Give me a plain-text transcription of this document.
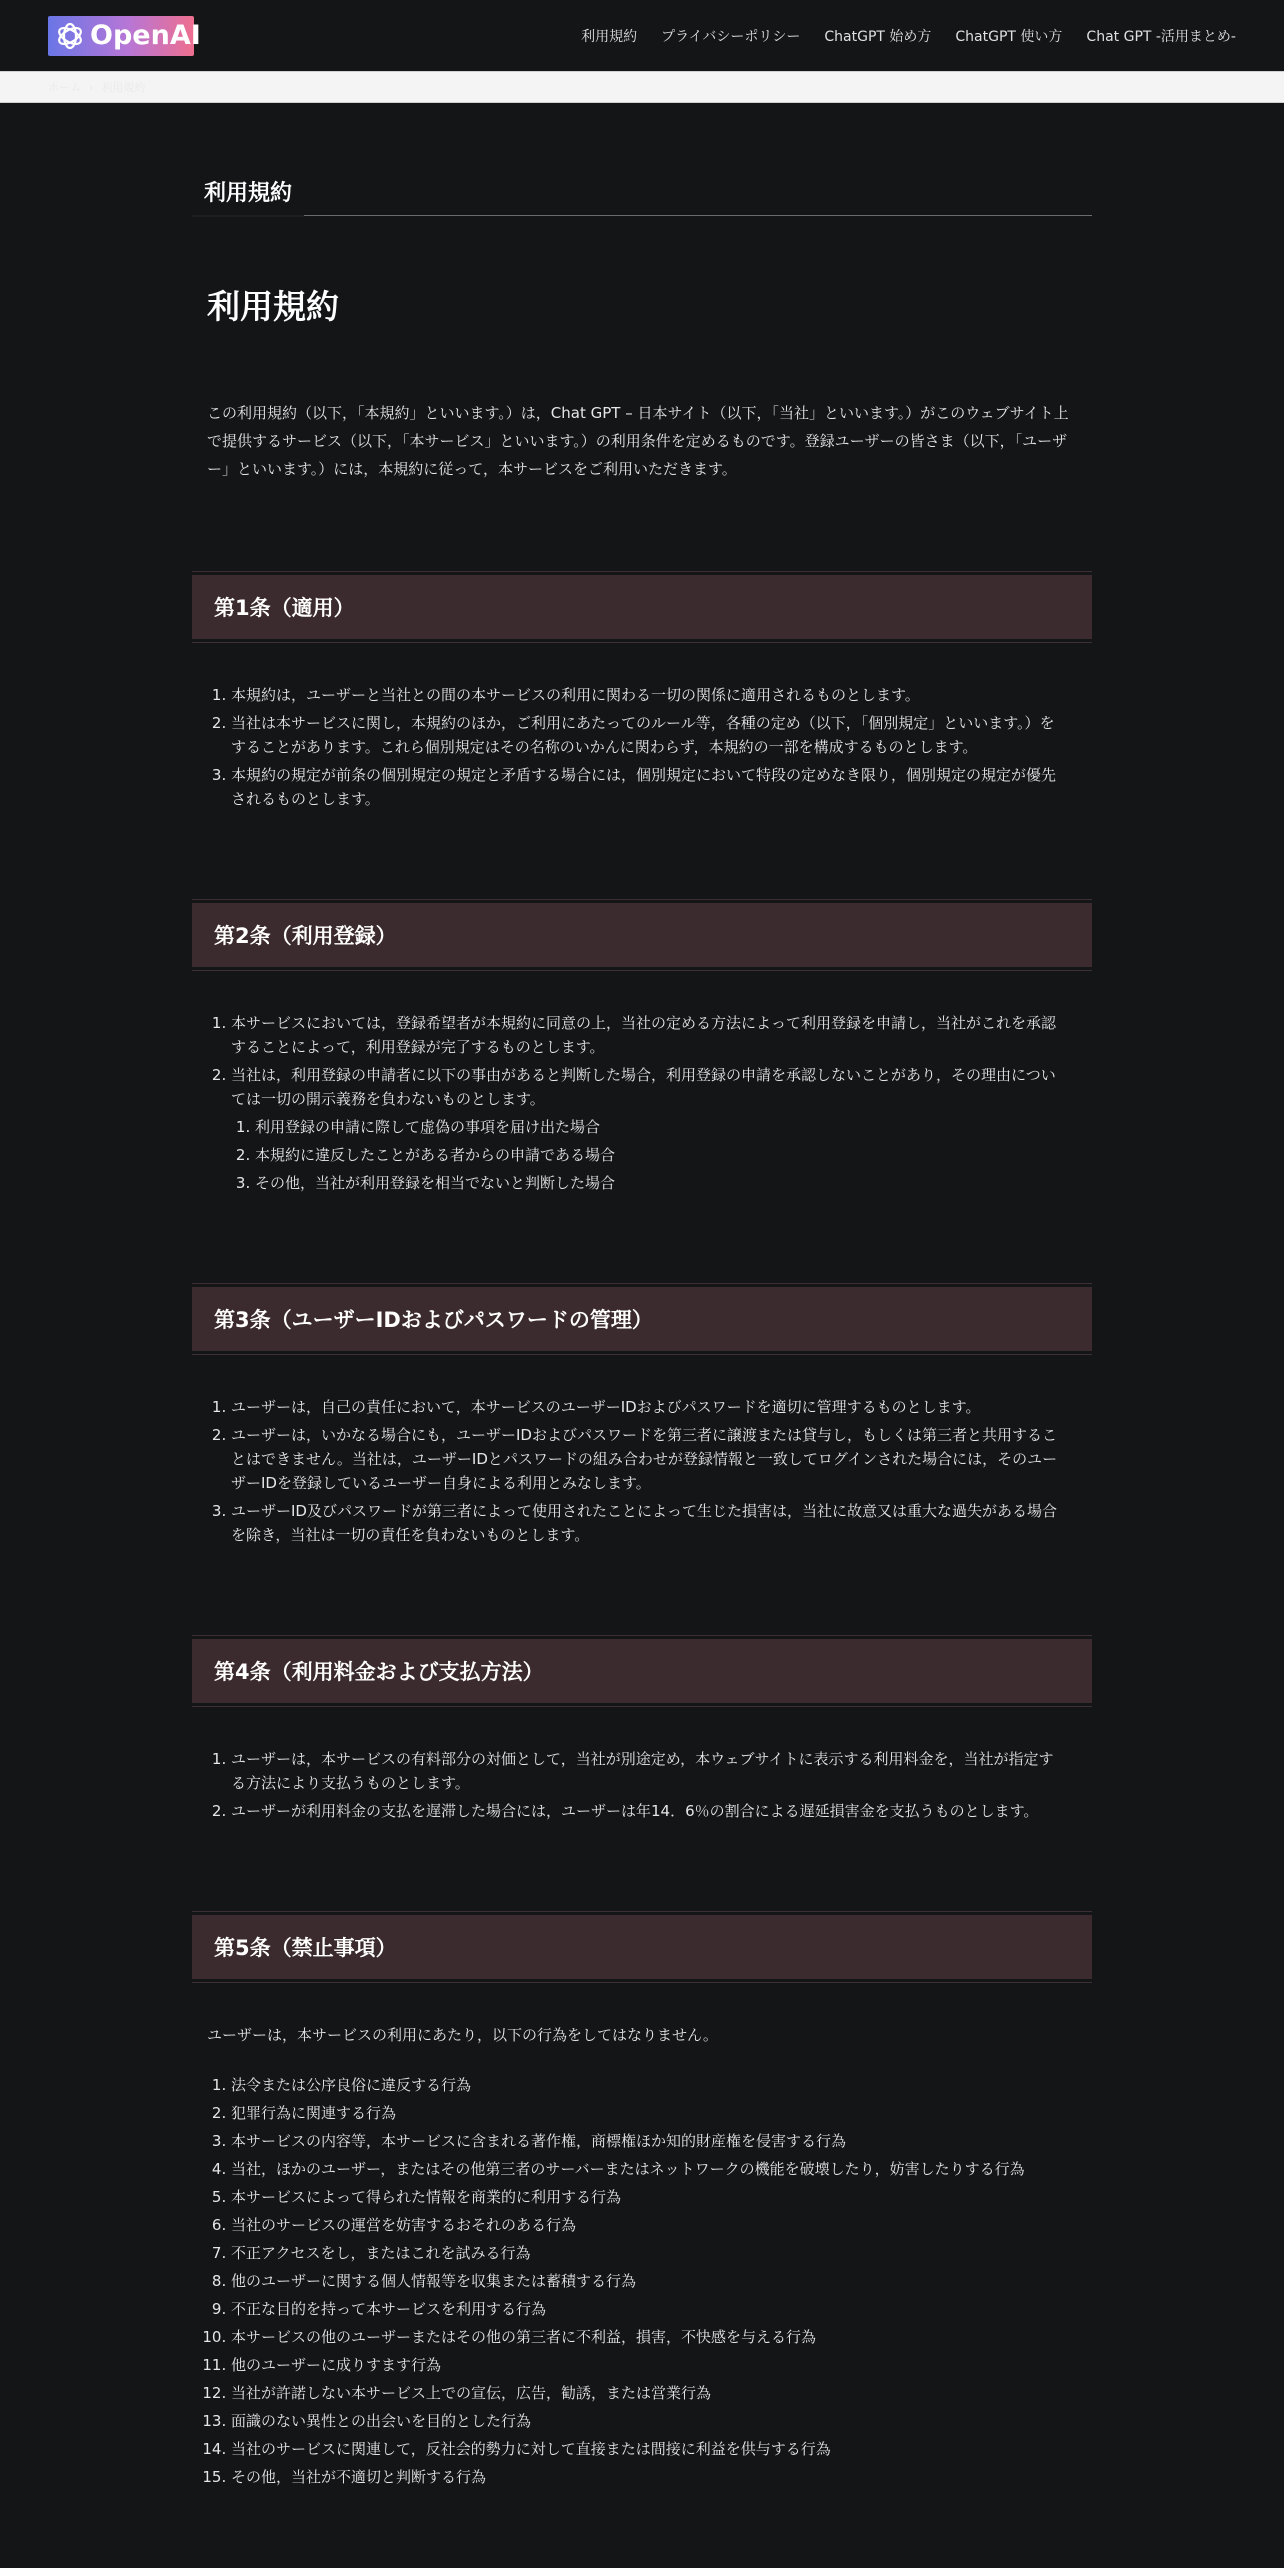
OpenAI	利用規約 プライバシーポリシー ChatGPT 始め方 ChatGPT 使い方 Chat GPT -活用まとめ-
ホーム › 利用規約
利用規約
利用規約

この利用規約（以下，「本規約」といいます。）は，Chat GPT – 日本サイト（以下，「当社」といいます。）がこのウェブサイト上で提供するサービス（以下，「本サービス」といいます。）の利用条件を定めるものです。登録ユーザーの皆さま（以下，「ユーザー」といいます。）には，本規約に従って，本サービスをご利用いただきます。

第1条（適用）
1. 本規約は，ユーザーと当社との間の本サービスの利用に関わる一切の関係に適用されるものとします。
2. 当社は本サービスに関し，本規約のほか，ご利用にあたってのルール等，各種の定め（以下，「個別規定」といいます。）をすることがあります。これら個別規定はその名称のいかんに関わらず，本規約の一部を構成するものとします。
3. 本規約の規定が前条の個別規定の規定と矛盾する場合には，個別規定において特段の定めなき限り，個別規定の規定が優先されるものとします。
第2条（利用登録）
1. 本サービスにおいては，登録希望者が本規約に同意の上，当社の定める方法によって利用登録を申請し，当社がこれを承認することによって，利用登録が完了するものとします。
2. 当社は，利用登録の申請者に以下の事由があると判断した場合，利用登録の申請を承認しないことがあり，その理由については一切の開示義務を負わないものとします。
1. 利用登録の申請に際して虚偽の事項を届け出た場合
2. 本規約に違反したことがある者からの申請である場合
3. その他，当社が利用登録を相当でないと判断した場合
第3条（ユーザーIDおよびパスワードの管理）
1. ユーザーは，自己の責任において，本サービスのユーザーIDおよびパスワードを適切に管理するものとします。
2. ユーザーは，いかなる場合にも，ユーザーIDおよびパスワードを第三者に譲渡または貸与し，もしくは第三者と共用することはできません。当社は，ユーザーIDとパスワードの組み合わせが登録情報と一致してログインされた場合には，そのユーザーIDを登録しているユーザー自身による利用とみなします。
3. ユーザーID及びパスワードが第三者によって使用されたことによって生じた損害は，当社に故意又は重大な過失がある場合を除き，当社は一切の責任を負わないものとします。
第4条（利用料金および支払方法）
1. ユーザーは，本サービスの有料部分の対価として，当社が別途定め，本ウェブサイトに表示する利用料金を，当社が指定する方法により支払うものとします。
2. ユーザーが利用料金の支払を遅滞した場合には，ユーザーは年14．6％の割合による遅延損害金を支払うものとします。
第5条（禁止事項）

ユーザーは，本サービスの利用にあたり，以下の行為をしてはなりません。

1. 法令または公序良俗に違反する行為
2. 犯罪行為に関連する行為
3. 本サービスの内容等，本サービスに含まれる著作権，商標権ほか知的財産権を侵害する行為
4. 当社，ほかのユーザー，またはその他第三者のサーバーまたはネットワークの機能を破壊したり，妨害したりする行為
5. 本サービスによって得られた情報を商業的に利用する行為
6. 当社のサービスの運営を妨害するおそれのある行為
7. 不正アクセスをし，またはこれを試みる行為
8. 他のユーザーに関する個人情報等を収集または蓄積する行為
9. 不正な目的を持って本サービスを利用する行為
10. 本サービスの他のユーザーまたはその他の第三者に不利益，損害，不快感を与える行為
11. 他のユーザーに成りすます行為
12. 当社が許諾しない本サービス上での宣伝，広告，勧誘，または営業行為
13. 面識のない異性との出会いを目的とした行為
14. 当社のサービスに関連して，反社会的勢力に対して直接または間接に利益を供与する行為
15. その他，当社が不適切と判断する行為
